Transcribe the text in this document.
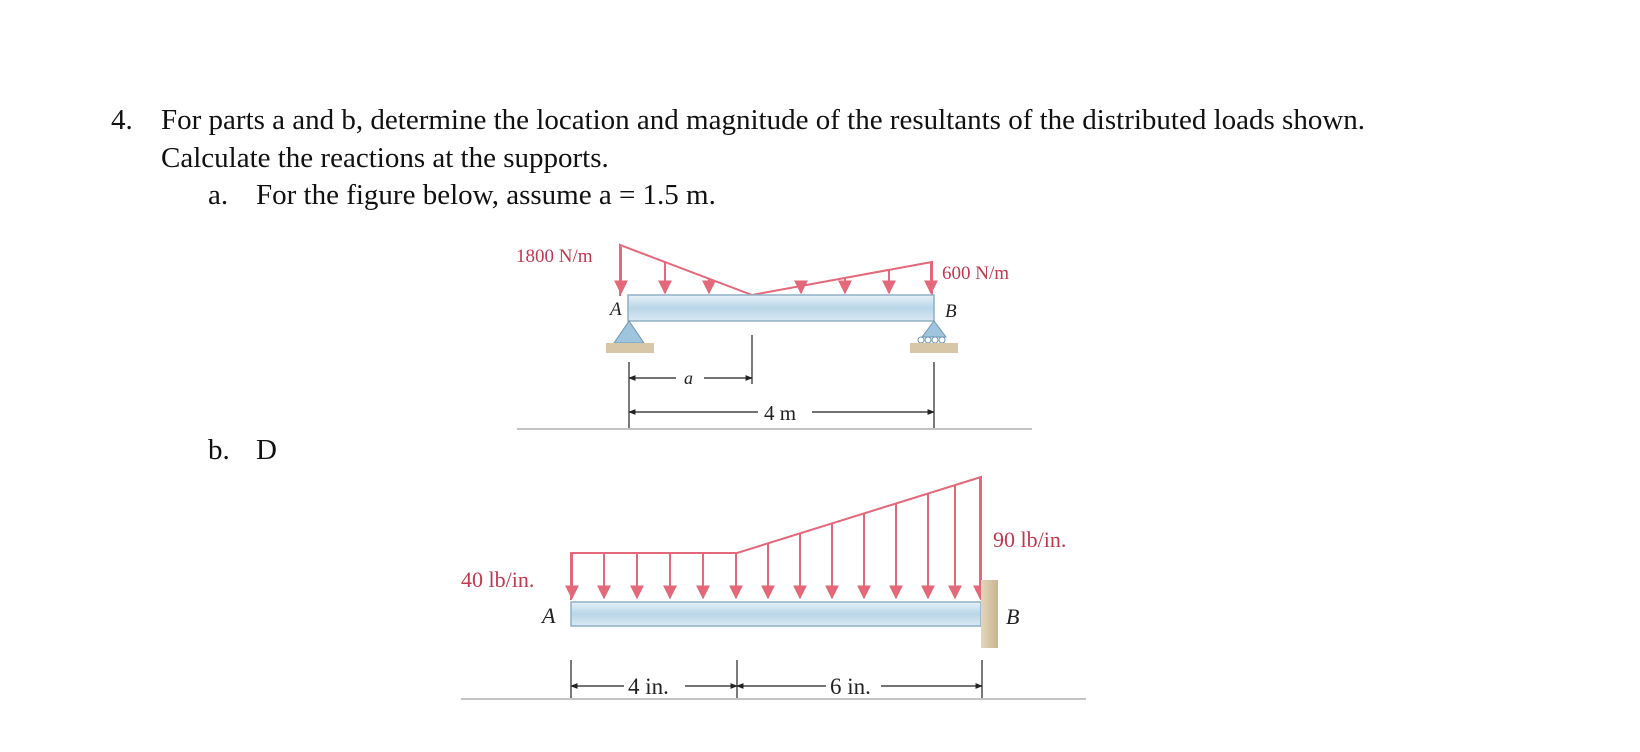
4. For parts a and b, determine the location and magnitude of the resultants of the distributed loads shown.
Calculate the reactions at the supports.
a. For the figure below, assume a = 1.5 m.
b. D
1800 N/m
600 N/m
A	B
a
4 m
40 lb/in.
90 lb/in.
A	B
4 in.	6 in.
